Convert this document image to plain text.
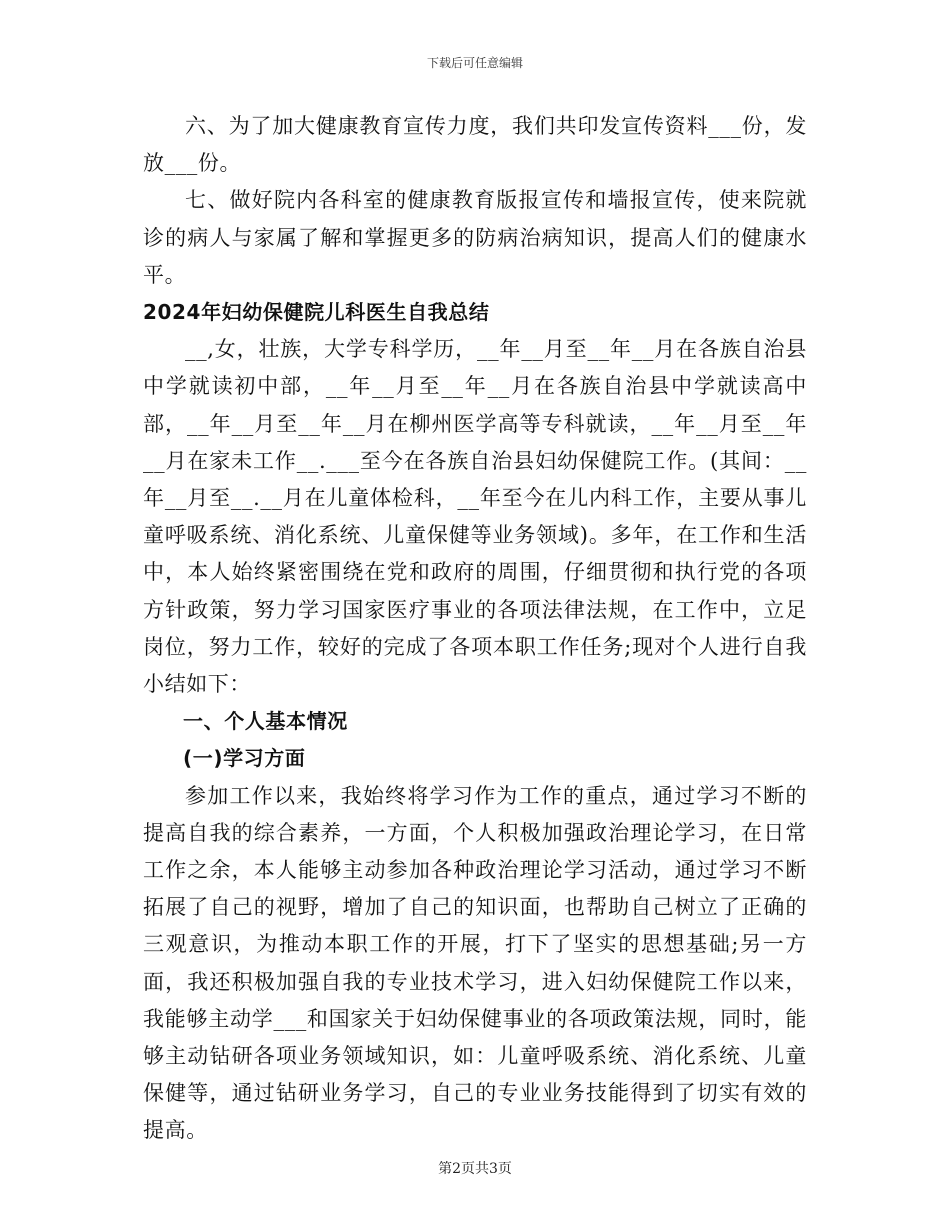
下载后可任意编辑

六、为了加大健康教育宣传力度，我们共印发宣传资料___份，发放___份。

七、做好院内各科室的健康教育版报宣传和墙报宣传，使来院就诊的病人与家属了解和掌握更多的防病治病知识，提高人们的健康水平。

2024年妇幼保健院儿科医生自我总结

__,女，壮族，大学专科学历，__年__月至__年__月在各族自治县中学就读初中部，__年__月至__年__月在各族自治县中学就读高中部，__年__月至__年__月在柳州医学高等专科就读，__年__月至__年__月在家未工作__.___至今在各族自治县妇幼保健院工作。(其间：__年__月至__.__月在儿童体检科，__年至今在儿内科工作，主要从事儿童呼吸系统、消化系统、儿童保健等业务领域)。多年，在工作和生活中，本人始终紧密围绕在党和政府的周围，仔细贯彻和执行党的各项方针政策，努力学习国家医疗事业的各项法律法规，在工作中，立足岗位，努力工作，较好的完成了各项本职工作任务;现对个人进行自我小结如下：

一、个人基本情况

(一)学习方面

参加工作以来，我始终将学习作为工作的重点，通过学习不断的提高自我的综合素养，一方面，个人积极加强政治理论学习，在日常工作之余，本人能够主动参加各种政治理论学习活动，通过学习不断拓展了自己的视野，增加了自己的知识面，也帮助自己树立了正确的三观意识，为推动本职工作的开展，打下了坚实的思想基础;另一方面，我还积极加强自我的专业技术学习，进入妇幼保健院工作以来，我能够主动学___和国家关于妇幼保健事业的各项政策法规，同时，能够主动钻研各项业务领域知识，如：儿童呼吸系统、消化系统、儿童保健等，通过钻研业务学习，自己的专业业务技能得到了切实有效的提高。

第2页共3页
